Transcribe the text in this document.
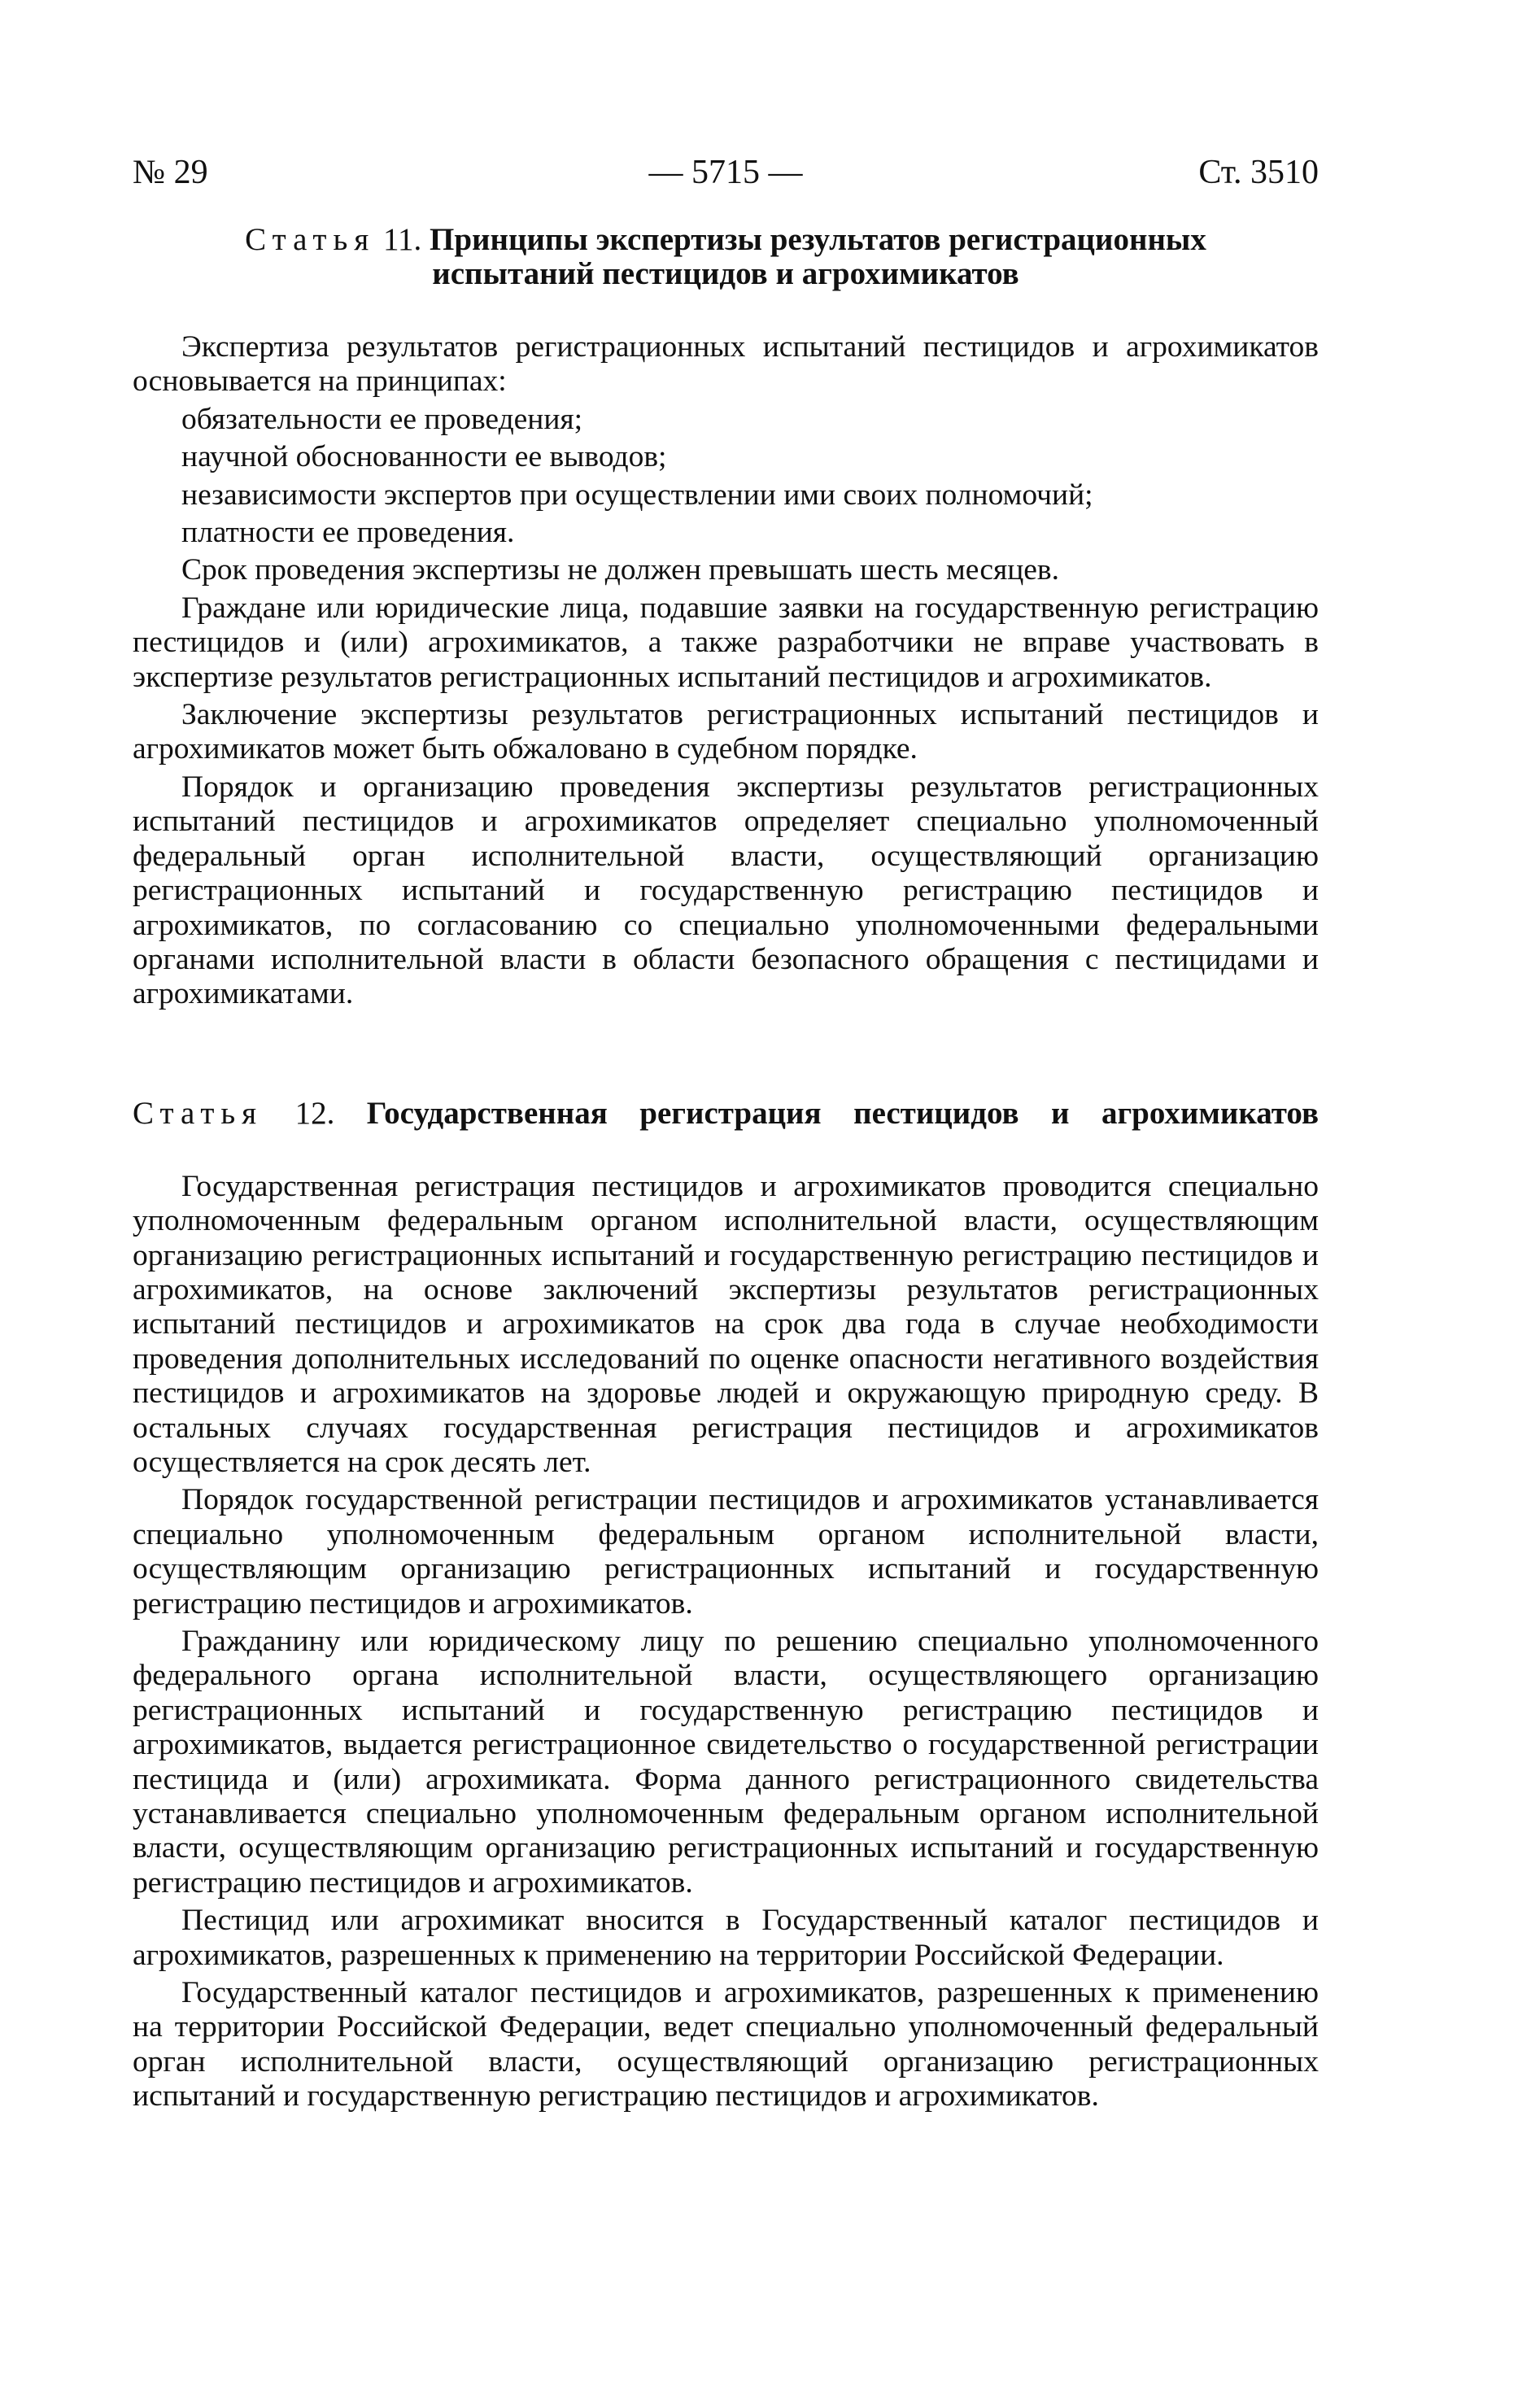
№ 29	— 5715 —	Ст. 3510
Статья 11. Принципы экспертизы результатов регистрационных
испытаний пестицидов и агрохимикатов

Экспертиза результатов регистрационных испытаний пестицидов и агрохимикатов основывается на принципах:

обязательности ее проведения;

научной обоснованности ее выводов;

независимости экспертов при осуществлении ими своих полномочий;

платности ее проведения.

Срок проведения экспертизы не должен превышать шесть месяцев.

Граждане или юридические лица, подавшие заявки на государственную регистрацию пестицидов и (или) агрохимикатов, а также разработчики не вправе участвовать в экспертизе результатов регистрационных испытаний пестицидов и агрохимикатов.

Заключение экспертизы результатов регистрационных испытаний пестицидов и агрохимикатов может быть обжаловано в судебном порядке.

Порядок и организацию проведения экспертизы результатов регистрационных испытаний пестицидов и агрохимикатов определяет специально уполномоченный федеральный орган исполнительной власти, осуществляющий организацию регистрационных испытаний и государственную регистрацию пестицидов и агрохимикатов, по согласованию со специально уполномоченными федеральными органами исполнительной власти в области безопасного обращения с пестицидами и агрохимикатами.

Статья 12. Государственная регистрация пестицидов и агрохимикатов

Государственная регистрация пестицидов и агрохимикатов проводится специально уполномоченным федеральным органом исполнительной власти, осуществляющим организацию регистрационных испытаний и государственную регистрацию пестицидов и агрохимикатов, на основе заключений экспертизы результатов регистрационных испытаний пестицидов и агрохимикатов на срок два года в случае необходимости проведения дополнительных исследований по оценке опасности негативного воздействия пестицидов и агрохимикатов на здоровье людей и окружающую природную среду. В остальных случаях государственная регистрация пестицидов и агрохимикатов осуществляется на срок десять лет.

Порядок государственной регистрации пестицидов и агрохимикатов устанавливается специально уполномоченным федеральным органом исполнительной власти, осуществляющим организацию регистрационных испытаний и государственную регистрацию пестицидов и агрохимикатов.

Гражданину или юридическому лицу по решению специально уполномоченного федерального органа исполнительной власти, осуществляющего организацию регистрационных испытаний и государственную регистрацию пестицидов и агрохимикатов, выдается регистрационное свидетельство о государственной регистрации пестицида и (или) агрохимиката. Форма данного регистрационного свидетельства устанавливается специально уполномоченным федеральным органом исполнительной власти, осуществляющим организацию регистрационных испытаний и государственную регистрацию пестицидов и агрохимикатов.

Пестицид или агрохимикат вносится в Государственный каталог пестицидов и агрохимикатов, разрешенных к применению на территории Российской Федерации.

Государственный каталог пестицидов и агрохимикатов, разрешенных к применению на территории Российской Федерации, ведет специально уполномоченный федеральный орган исполнительной власти, осуществляющий организацию регистрационных испытаний и государственную регистрацию пестицидов и агрохимикатов.
